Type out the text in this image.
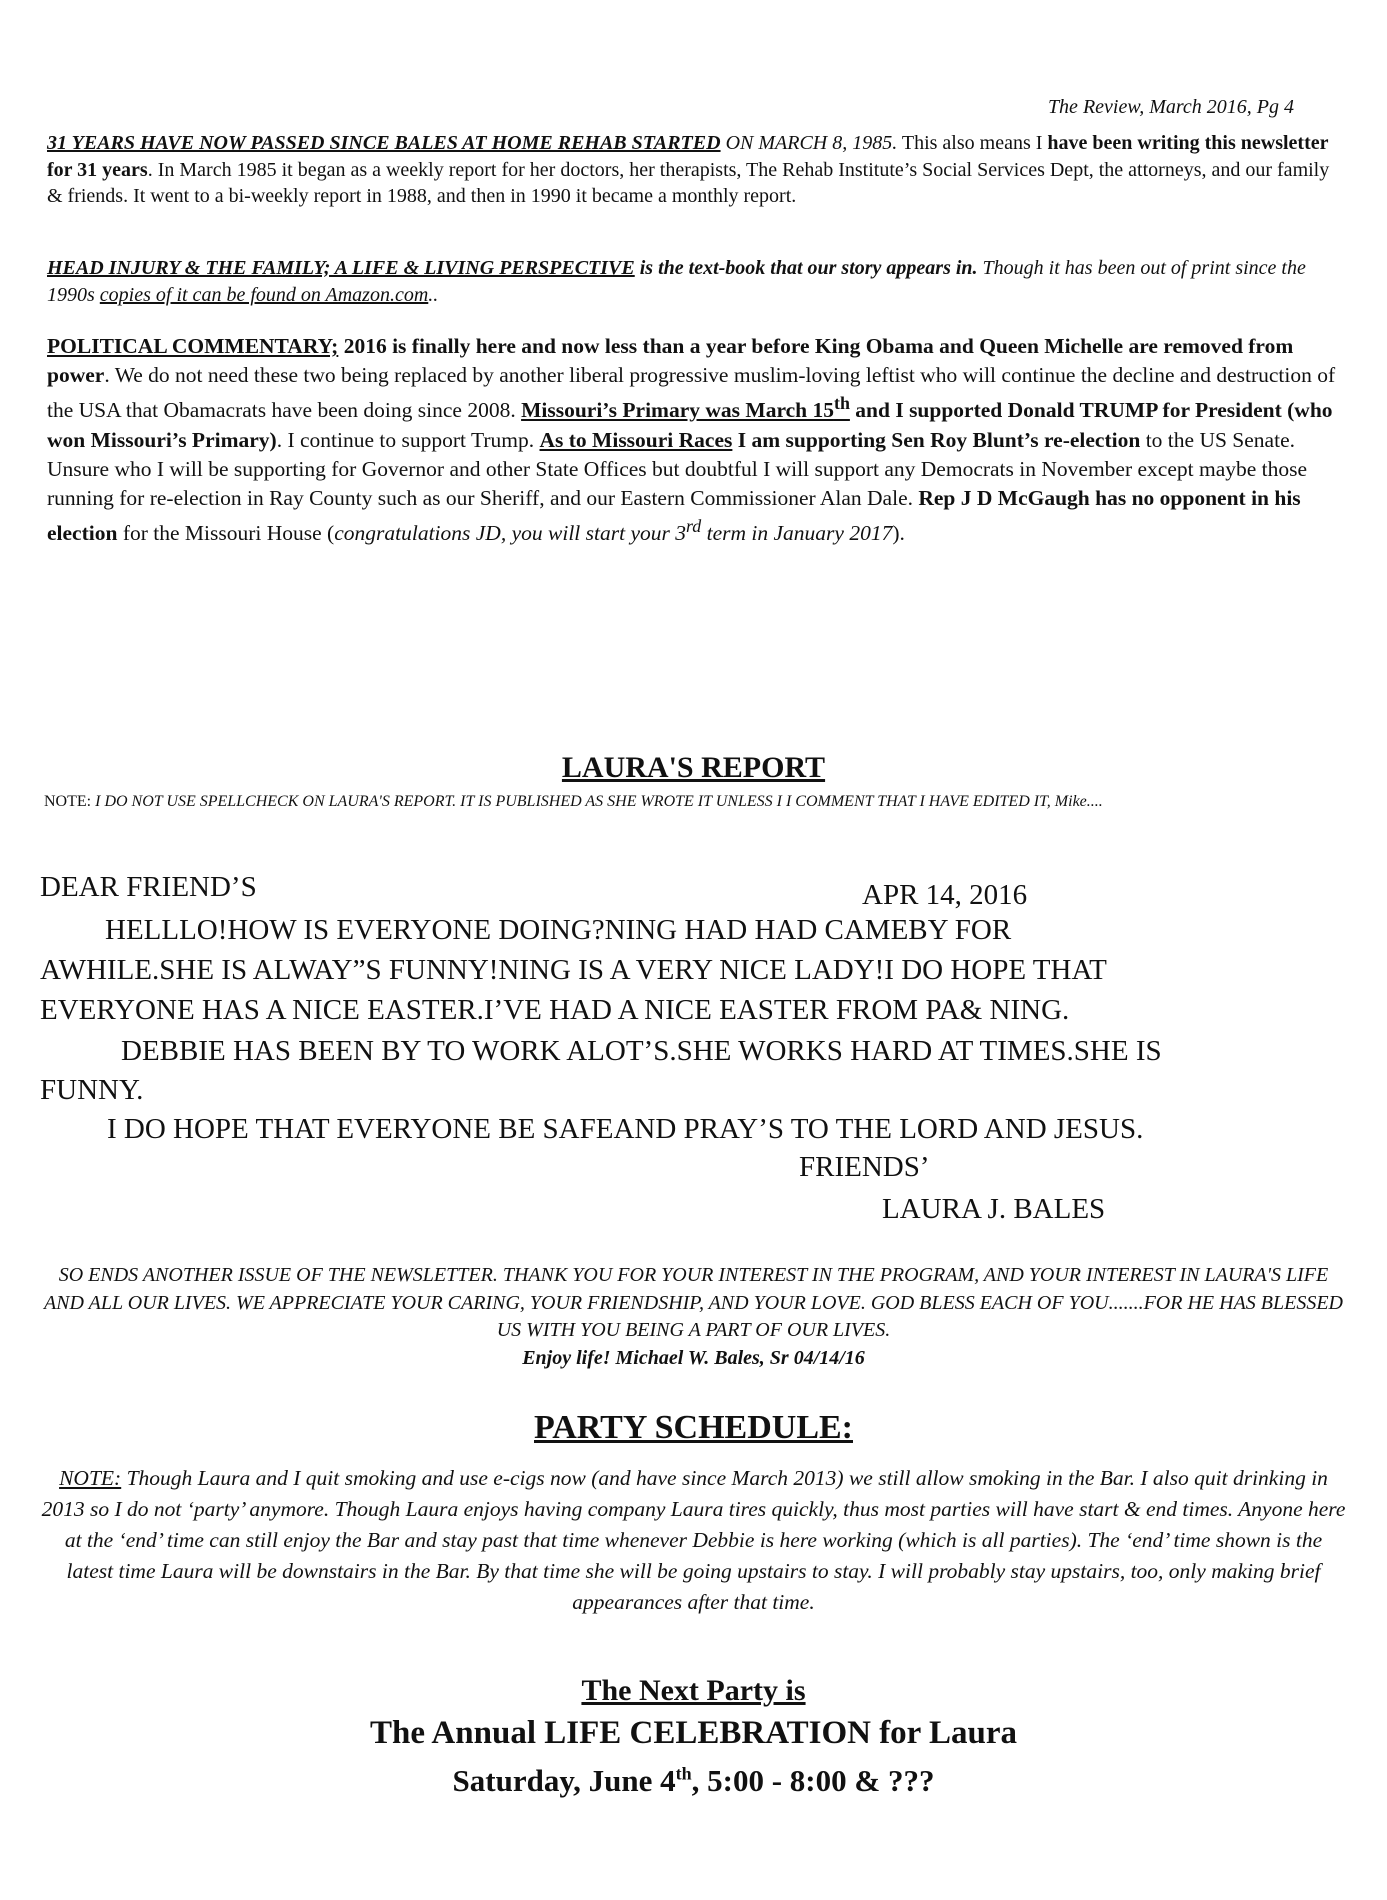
The Review, March 2016, Pg 4
31 YEARS HAVE NOW PASSED SINCE BALES AT HOME REHAB STARTED ON MARCH 8, 1985. This also means I have been writing this newsletter for 31 years. In March 1985 it began as a weekly report for her doctors, her therapists, The Rehab Institute’s Social Services Dept, the attorneys, and our family & friends. It went to a bi-weekly report in 1988, and then in 1990 it became a monthly report.
HEAD INJURY & THE FAMILY; A LIFE & LIVING PERSPECTIVE is the text-book that our story appears in. Though it has been out of print since the 1990s copies of it can be found on Amazon.com..
POLITICAL COMMENTARY; 2016 is finally here and now less than a year before King Obama and Queen Michelle are removed from power. We do not need these two being replaced by another liberal progressive muslim-loving leftist who will continue the decline and destruction of the USA that Obamacrats have been doing since 2008. Missouri’s Primary was March 15th and I supported Donald TRUMP for President (who won Missouri’s Primary). I continue to support Trump. As to Missouri Races I am supporting Sen Roy Blunt’s re-election to the US Senate. Unsure who I will be supporting for Governor and other State Offices but doubtful I will support any Democrats in November except maybe those running for re-election in Ray County such as our Sheriff, and our Eastern Commissioner Alan Dale. Rep J D McGaugh has no opponent in his election for the Missouri House (congratulations JD, you will start your 3rd term in January 2017).
LAURA'S REPORT
NOTE: I DO NOT USE SPELLCHECK ON LAURA'S REPORT. IT IS PUBLISHED AS SHE WROTE IT UNLESS I I COMMENT THAT I HAVE EDITED IT, Mike....
DEAR FRIEND’S	APR 14, 2016
HELLLO!HOW IS EVERYONE DOING?NING HAD HAD CAMEBY FOR
AWHILE.SHE IS ALWAY”S FUNNY!NING IS A VERY NICE LADY!I DO HOPE THAT
EVERYONE HAS A NICE EASTER.I’VE HAD A NICE EASTER FROM PA& NING.
DEBBIE HAS BEEN BY TO WORK ALOT’S.SHE WORKS HARD AT TIMES.SHE IS
FUNNY.
I DO HOPE THAT EVERYONE BE SAFEAND PRAY’S TO THE LORD AND JESUS.
FRIENDS’
LAURA J. BALES
SO ENDS ANOTHER ISSUE OF THE NEWSLETTER. THANK YOU FOR YOUR INTEREST IN THE PROGRAM, AND YOUR INTEREST IN LAURA'S LIFE AND ALL OUR LIVES. WE APPRECIATE YOUR CARING, YOUR FRIENDSHIP, AND YOUR LOVE. GOD BLESS EACH OF YOU.......FOR HE HAS BLESSED US WITH YOU BEING A PART OF OUR LIVES.
Enjoy life! Michael W. Bales, Sr 04/14/16
PARTY SCHEDULE:
NOTE: Though Laura and I quit smoking and use e-cigs now (and have since March 2013) we still allow smoking in the Bar. I also quit drinking in 2013 so I do not ‘party’ anymore. Though Laura enjoys having company Laura tires quickly, thus most parties will have start & end times. Anyone here at the ‘end’ time can still enjoy the Bar and stay past that time whenever Debbie is here working (which is all parties). The ‘end’ time shown is the latest time Laura will be downstairs in the Bar. By that time she will be going upstairs to stay. I will probably stay upstairs, too, only making brief appearances after that time.
The Next Party is
The Annual LIFE CELEBRATION for Laura
Saturday, June 4th, 5:00 - 8:00 & ???
